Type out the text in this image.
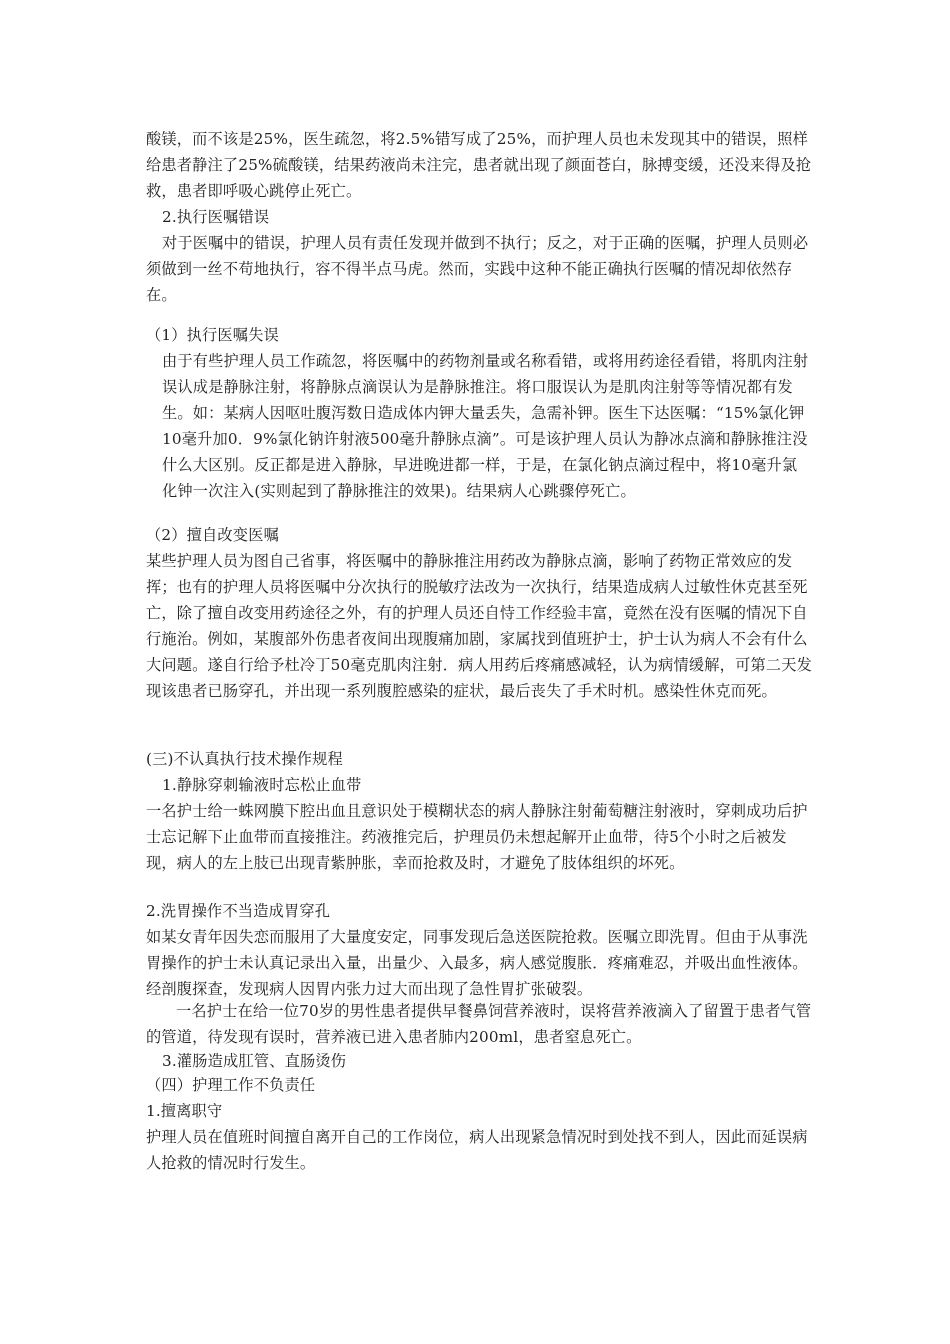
酸镁，而不该是25%，医生疏忽，将2.5%错写成了25%，而护理人员也未发现其中的错误，照样给患者静注了25%硫酸镁，结果药液尚未注完，患者就出现了颜面苍白，脉搏变缓，还没来得及抢救，患者即呼吸心跳停止死亡。

2.执行医嘱错误

对于医嘱中的错误，护理人员有责任发现并做到不执行；反之，对于正确的医嘱，护理人员则必须做到一丝不苟地执行，容不得半点马虎。然而，实践中这种不能正确执行医嘱的情况却依然存在。

（1）执行医嘱失误

由于有些护理人员工作疏忽，将医嘱中的药物剂量或名称看错，或将用药途径看错，将肌肉注射误认成是静脉注射，将静脉点滴误认为是静脉推注。将口服误认为是肌肉注射等等情况都有发生。如：某病人因呕吐腹泻数日造成体内钾大量丢失，急需补钾。医生下达医嘱：“15%氯化钾10毫升加0．9%氯化钠许射液500毫升静脉点滴”。可是该护理人员认为静冰点滴和静脉推注没什么大区别。反正都是进入静脉，早进晚进都一样，于是，在氯化钠点滴过程中，将10毫升氯化钟一次注入(实则起到了静脉推注的效果)。结果病人心跳骤停死亡。

（2）擅自改变医嘱

某些护理人员为图自己省事，将医嘱中的静脉推注用药改为静脉点滴，影响了药物正常效应的发挥；也有的护理人员将医嘱中分次执行的脱敏疗法改为一次执行，结果造成病人过敏性休克甚至死亡，除了擅自改变用药途径之外，有的护理人员还自恃工作经验丰富，竟然在没有医嘱的情况下自行施治。例如，某腹部外伤患者夜间出现腹痛加剧，家属找到值班护士，护士认为病人不会有什么大问题。遂自行给予杜冷丁50毫克肌肉注射．病人用药后疼痛感减轻，认为病情缓解，可第二天发现该患者已肠穿孔，并出现一系列腹腔感染的症状，最后丧失了手术时机。感染性休克而死。

(三)不认真执行技术操作规程

1.静脉穿刺输液时忘松止血带

一名护士给一蛛网膜下腔出血且意识处于模糊状态的病人静脉注射葡萄糖注射液时，穿刺成功后护士忘记解下止血带而直接推注。药液推完后，护理员仍未想起解开止血带，待5个小时之后被发现，病人的左上肢已出现青紫肿胀，幸而抢救及时，才避免了肢体组织的坏死。

2.洗胃操作不当造成胃穿孔

如某女青年因失恋而服用了大量度安定，同事发现后急送医院抢救。医嘱立即洗胃。但由于从事洗胃操作的护士未认真记录出入量，出量少、入最多，病人感觉腹胀．疼痛难忍，并吸出血性液体。经剖腹探查，发现病人因胃内张力过大而出现了急性胃扩张破裂。

一名护士在给一位70岁的男性患者提供早餐鼻饲营养液时，误将营养液滴入了留置于患者气管的管道，待发现有误时，营养液已进入患者肺内200ml，患者窒息死亡。

3.灌肠造成肛管、直肠烫伤

（四）护理工作不负责任

1.擅离职守

护理人员在值班时间擅自离开自己的工作岗位，病人出现紧急情况时到处找不到人，因此而延误病人抢救的情况时行发生。
